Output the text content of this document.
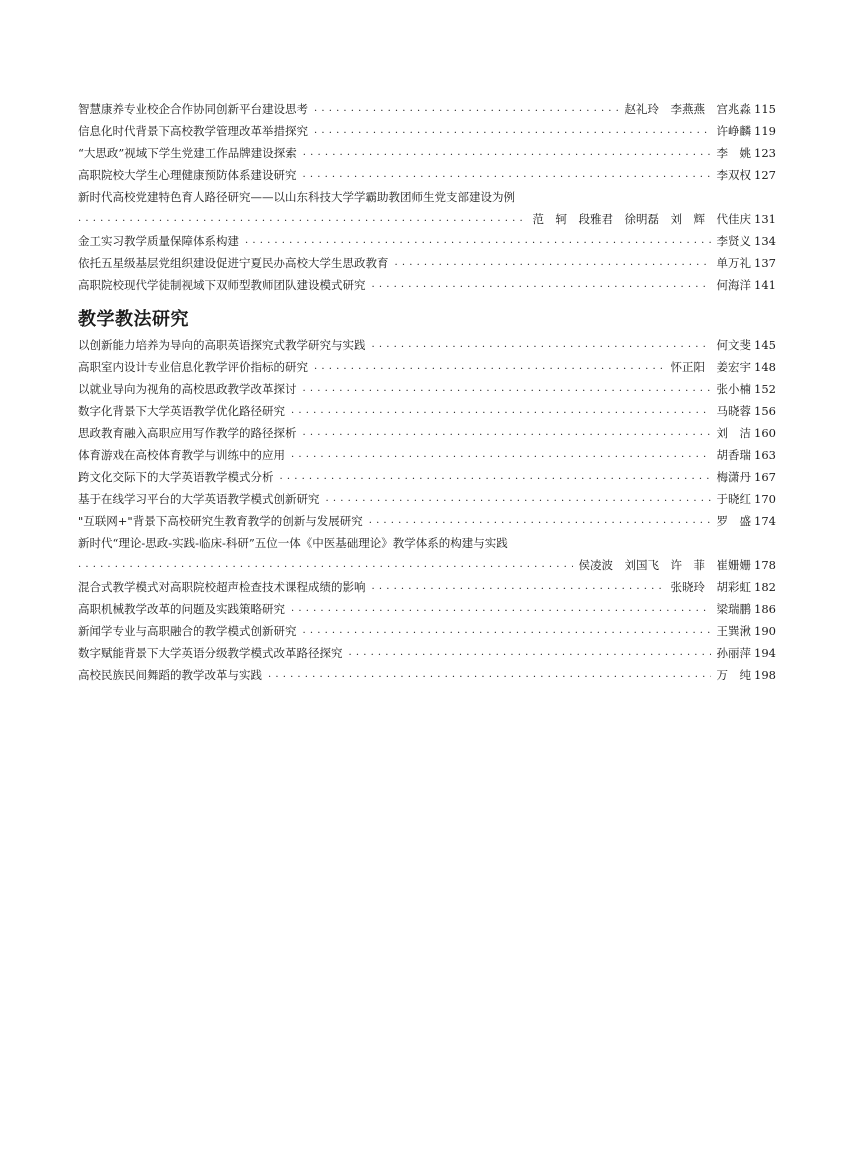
智慧康养专业校企合作协同创新平台建设思考 . . .	赵礼玲　李燕燕　宫兆淼 115
信息化时代背景下高校教学管理改革举措探究 . . .	许峥麟 119
“大思政”视域下学生党建工作品牌建设探索 . . .	李　姚 123
高职院校大学生心理健康预防体系建设研究 . . .	李双权 127
新时代高校党建特色育人路径研究——以山东科技大学学霸助教团师生党支部建设为例
. . .
范　轲　段雅君　徐明磊　刘　辉　代佳庆 131
金工实习教学质量保障体系构建 . . .	李贤义 134
依托五星级基层党组织建设促进宁夏民办高校大学生思政教育 . . .	单万礼 137
高职院校现代学徒制视域下双师型教师团队建设模式研究 . . .	何海洋 141
教学教法研究
以创新能力培养为导向的高职英语探究式教学研究与实践 . . .	何文斐 145
高职室内设计专业信息化教学评价指标的研究 . . .	怀正阳　姜宏宇 148
以就业导向为视角的高校思政教学改革探讨 . . .	张小楠 152
数字化背景下大学英语教学优化路径研究 . . .	马晓蓉 156
思政教育融入高职应用写作教学的路径探析 . . .	刘　洁 160
体育游戏在高校体育教学与训练中的应用 . . .	胡香瑞 163
跨文化交际下的大学英语教学模式分析 . . .	梅潇丹 167
基于在线学习平台的大学英语教学模式创新研究 . . .	于晓红 170
"互联网+"背景下高校研究生教育教学的创新与发展研究 . . .	罗　盛 174
新时代“理论-思政-实践-临床-科研”五位一体《中医基础理论》教学体系的构建与实践
. . .
侯凌波　刘国飞　许　菲　崔姗姗 178
混合式教学模式对高职院校超声检查技术课程成绩的影响 . . .	张晓玲　胡彩虹 182
高职机械教学改革的问题及实践策略研究 . . .	梁瑞鹏 186
新闻学专业与高职融合的教学模式创新研究 . . .	王巽湫 190
数字赋能背景下大学英语分级教学模式改革路径探究 . . .	孙丽萍 194
高校民族民间舞蹈的教学改革与实践 . . .	万　纯 198
